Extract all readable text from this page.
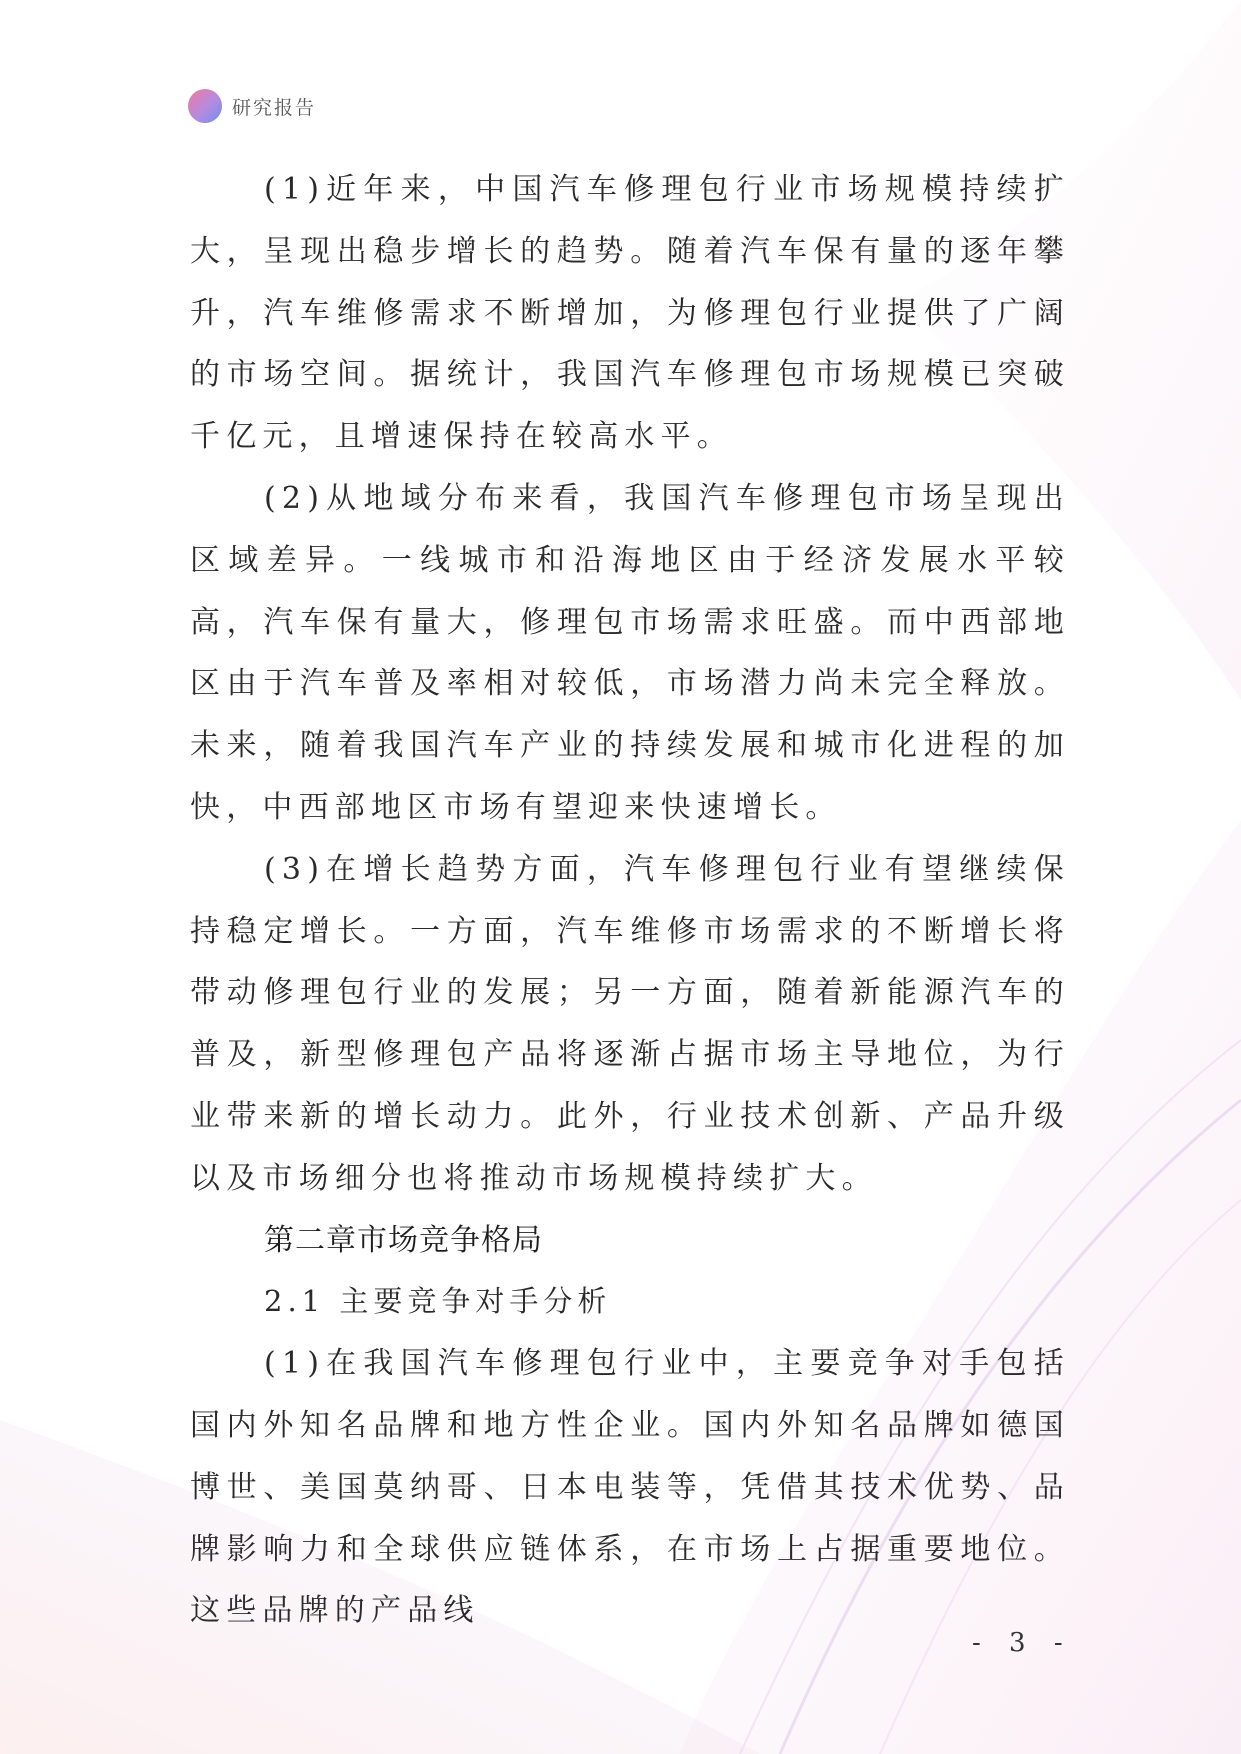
研究报告

(1)近年来，中国汽车修理包行业市场规模持续扩大，呈现出稳步增长的趋势。随着汽车保有量的逐年攀升，汽车维修需求不断增加，为修理包行业提供了广阔的市场空间。据统计，我国汽车修理包市场规模已突破千亿元，且增速保持在较高水平。

(2)从地域分布来看，我国汽车修理包市场呈现出区域差异。一线城市和沿海地区由于经济发展水平较高，汽车保有量大，修理包市场需求旺盛。而中西部地区由于汽车普及率相对较低，市场潜力尚未完全释放。未来，随着我国汽车产业的持续发展和城市化进程的加快，中西部地区市场有望迎来快速增长。

(3)在增长趋势方面，汽车修理包行业有望继续保持稳定增长。一方面，汽车维修市场需求的不断增长将带动修理包行业的发展；另一方面，随着新能源汽车的普及，新型修理包产品将逐渐占据市场主导地位，为行业带来新的增长动力。此外，行业技术创新、产品升级以及市场细分也将推动市场规模持续扩大。

第二章市场竞争格局

2.1 主要竞争对手分析

(1)在我国汽车修理包行业中，主要竞争对手包括国内外知名品牌和地方性企业。国内外知名品牌如德国博世、美国莫纳哥、日本电装等，凭借其技术优势、品牌影响力和全球供应链体系，在市场上占据重要地位。这些品牌的产品线

- 3 -
